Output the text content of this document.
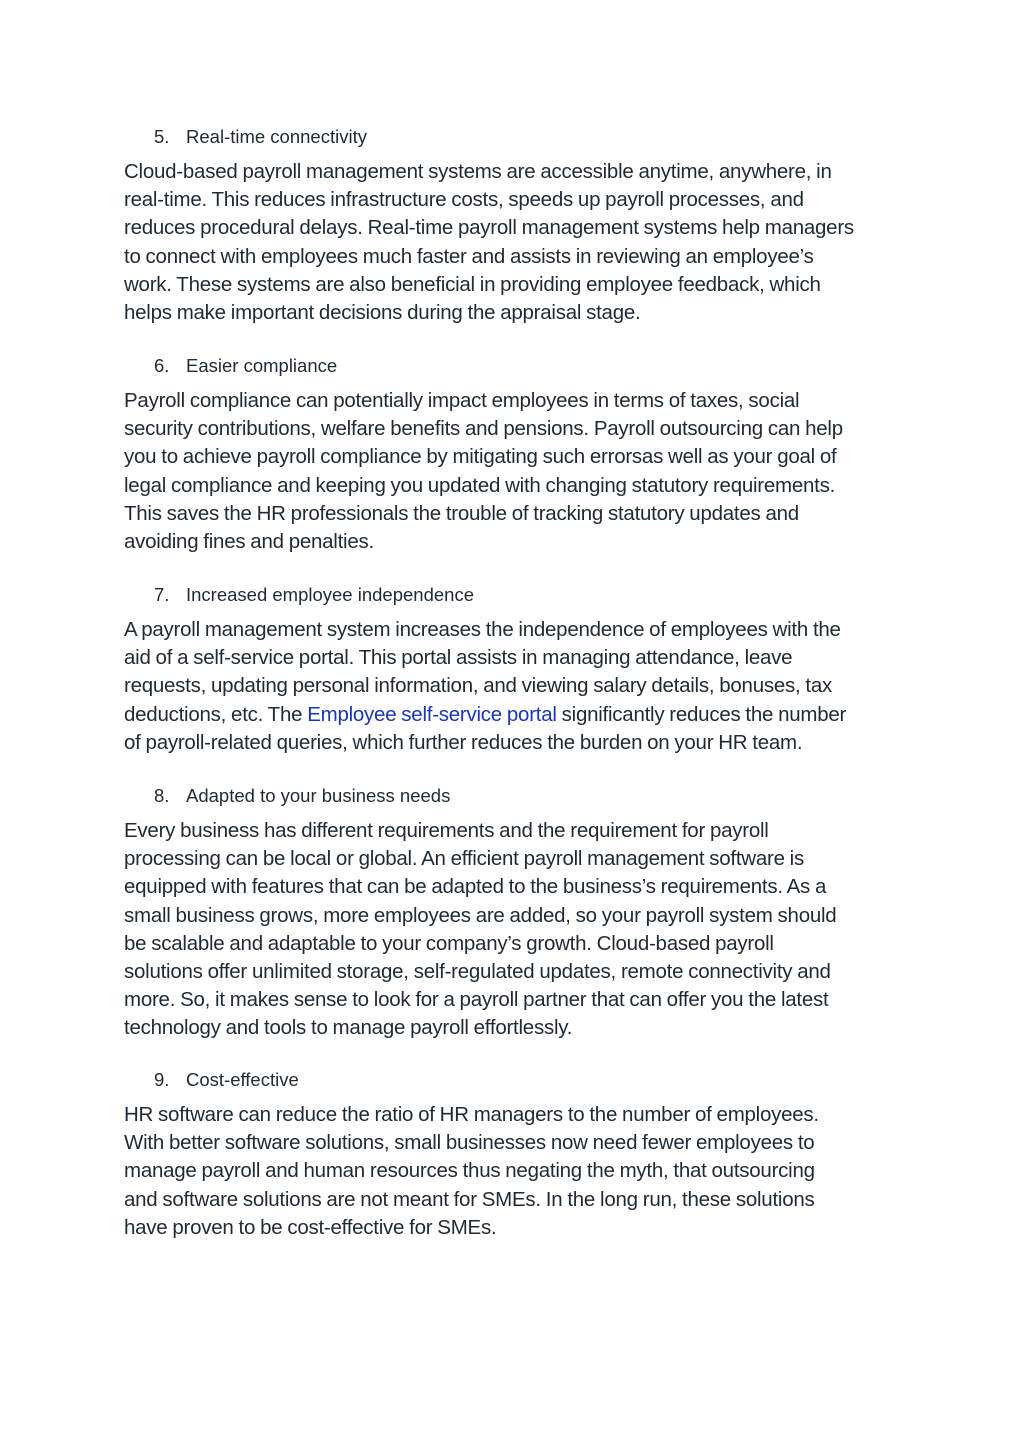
5. Real-time connectivity
Cloud-based payroll management systems are accessible anytime, anywhere, in
real-time. This reduces infrastructure costs, speeds up payroll processes, and
reduces procedural delays. Real-time payroll management systems help managers
to connect with employees much faster and assists in reviewing an employee’s
work. These systems are also beneficial in providing employee feedback, which
helps make important decisions during the appraisal stage.
6. Easier compliance
Payroll compliance can potentially impact employees in terms of taxes, social
security contributions, welfare benefits and pensions. Payroll outsourcing can help
you to achieve payroll compliance by mitigating such errorsas well as your goal of
legal compliance and keeping you updated with changing statutory requirements.
This saves the HR professionals the trouble of tracking statutory updates and
avoiding fines and penalties.
7. Increased employee independence
A payroll management system increases the independence of employees with the
aid of a self-service portal. This portal assists in managing attendance, leave
requests, updating personal information, and viewing salary details, bonuses, tax
deductions, etc. The Employee self-service portal significantly reduces the number
of payroll-related queries, which further reduces the burden on your HR team.
8. Adapted to your business needs
Every business has different requirements and the requirement for payroll
processing can be local or global. An efficient payroll management software is
equipped with features that can be adapted to the business’s requirements. As a
small business grows, more employees are added, so your payroll system should
be scalable and adaptable to your company’s growth. Cloud-based payroll
solutions offer unlimited storage, self-regulated updates, remote connectivity and
more. So, it makes sense to look for a payroll partner that can offer you the latest
technology and tools to manage payroll effortlessly.
9. Cost-effective
HR software can reduce the ratio of HR managers to the number of employees.
With better software solutions, small businesses now need fewer employees to
manage payroll and human resources thus negating the myth, that outsourcing
and software solutions are not meant for SMEs. In the long run, these solutions
have proven to be cost-effective for SMEs.
